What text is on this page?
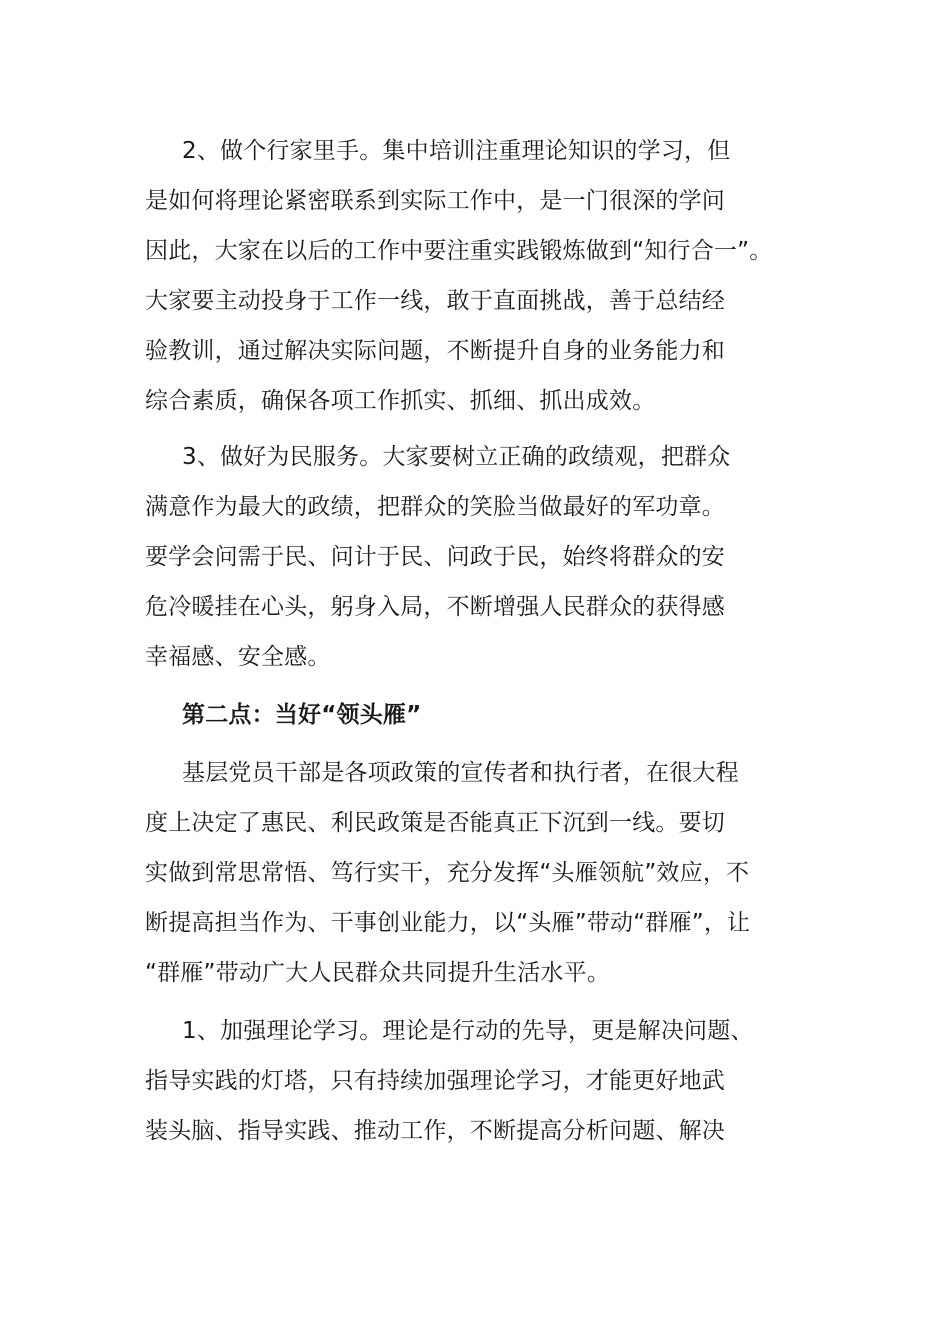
2、做个行家里手。集中培训注重理论知识的学习，但
是如何将理论紧密联系到实际工作中，是一门很深的学问
因此，大家在以后的工作中要注重实践锻炼做到“知行合一”。
大家要主动投身于工作一线，敢于直面挑战，善于总结经
验教训，通过解决实际问题，不断提升自身的业务能力和
综合素质，确保各项工作抓实、抓细、抓出成效。

3、做好为民服务。大家要树立正确的政绩观，把群众
满意作为最大的政绩，把群众的笑脸当做最好的军功章。
要学会问需于民、问计于民、问政于民，始终将群众的安
危冷暖挂在心头，躬身入局，不断增强人民群众的获得感
幸福感、安全感。

第二点：当好“领头雁”

基层党员干部是各项政策的宣传者和执行者，在很大程
度上决定了惠民、利民政策是否能真正下沉到一线。要切
实做到常思常悟、笃行实干，充分发挥“头雁领航”效应，不
断提高担当作为、干事创业能力，以“头雁”带动“群雁”，让
“群雁”带动广大人民群众共同提升生活水平。

1、加强理论学习。理论是行动的先导，更是解决问题、
指导实践的灯塔，只有持续加强理论学习，才能更好地武
装头脑、指导实践、推动工作，不断提高分析问题、解决
